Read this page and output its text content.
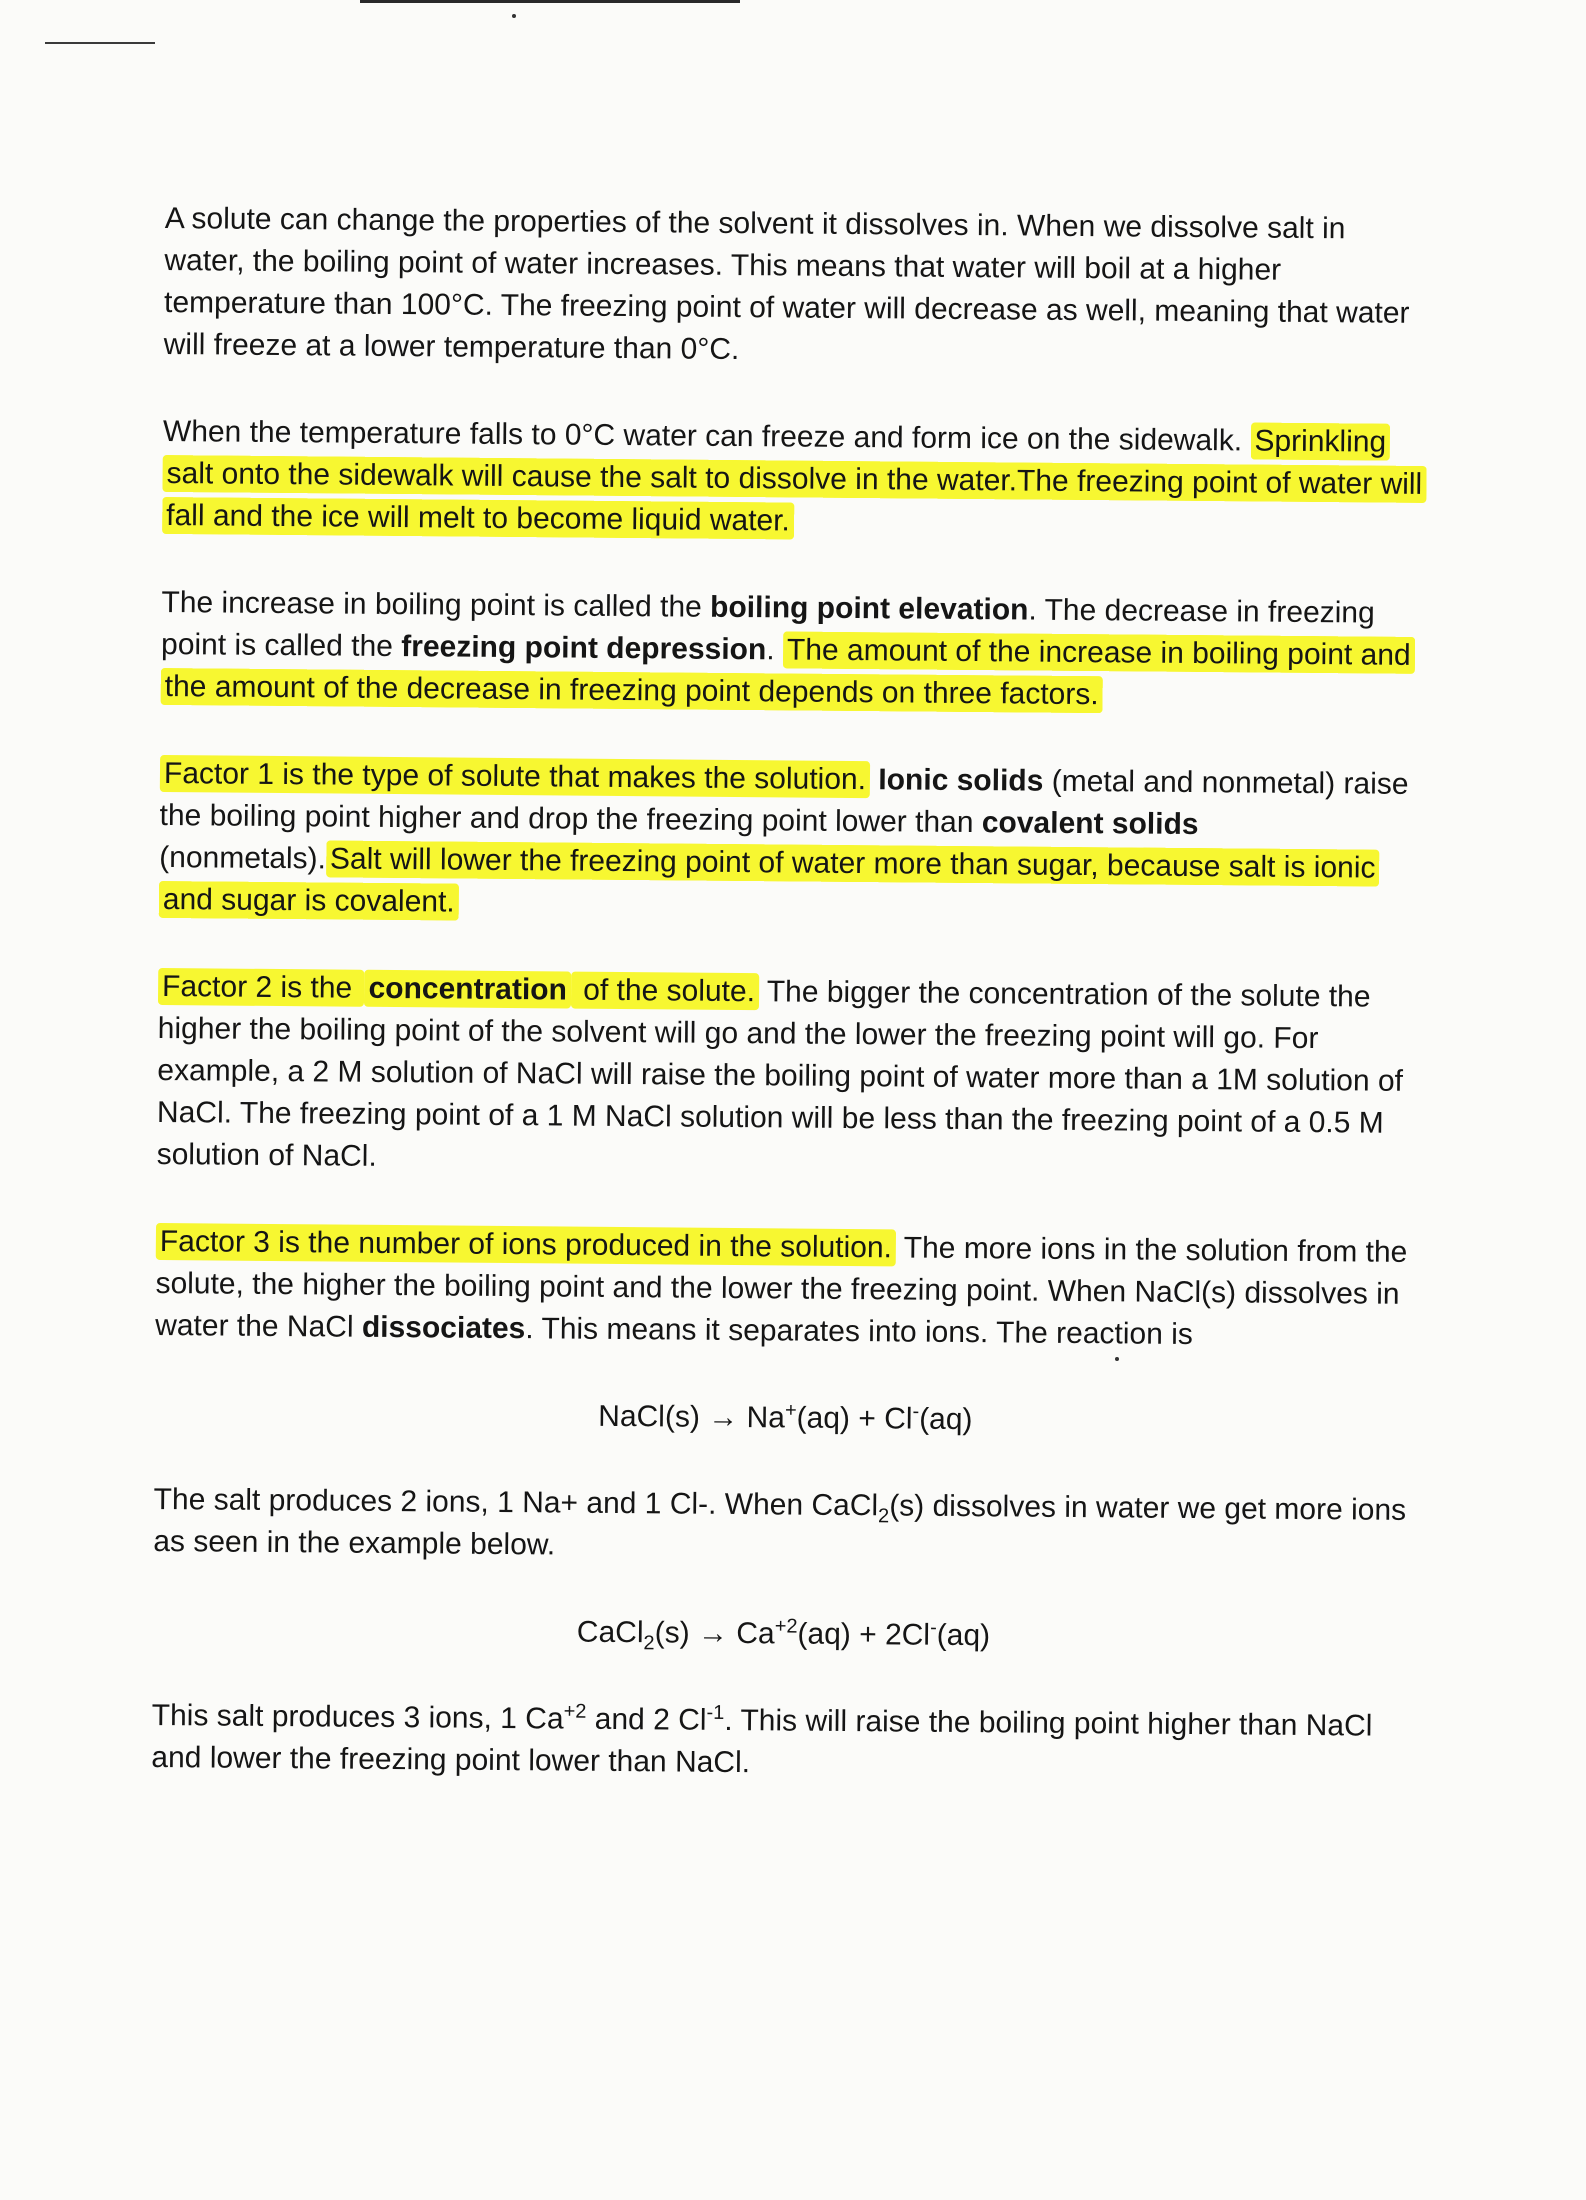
A solute can change the properties of the solvent it dissolves in. When we dissolve salt in water, the boiling point of water increases. This means that water will boil at a higher temperature than 100°C. The freezing point of water will decrease as well, meaning that water will freeze at a lower temperature than 0°C.

When the temperature falls to 0°C water can freeze and form ice on the sidewalk. Sprinkling salt onto the sidewalk will cause the salt to dissolve in the water.The freezing point of water will fall and the ice will melt to become liquid water.

The increase in boiling point is called the boiling point elevation. The decrease in freezing point is called the freezing point depression. The amount of the increase in boiling point and the amount of the decrease in freezing point depends on three factors.

Factor 1 is the type of solute that makes the solution. Ionic solids (metal and nonmetal) raise the boiling point higher and drop the freezing point lower than covalent solids (nonmetals). Salt will lower the freezing point of water more than sugar, because salt is ionic and sugar is covalent.

Factor 2 is the concentration of the solute. The bigger the concentration of the solute the higher the boiling point of the solvent will go and the lower the freezing point will go. For example, a 2 M solution of NaCl will raise the boiling point of water more than a 1M solution of NaCl. The freezing point of a 1 M NaCl solution will be less than the freezing point of a 0.5 M solution of NaCl.

Factor 3 is the number of ions produced in the solution. The more ions in the solution from the solute, the higher the boiling point and the lower the freezing point. When NaCl(s) dissolves in water the NaCl dissociates. This means it separates into ions. The reaction is

NaCl(s) → Na+(aq) + Cl-(aq)

The salt produces 2 ions, 1 Na+ and 1 Cl-. When CaCl$_2$(s) dissolves in water we get more ions as seen in the example below.

CaCl$_2$(s) → $Ca^{+2}(aq) + 2Cl^-(aq)$

This salt produces 3 ions, 1 $Ca^{+2}$ and 2 $Cl^{-1}$. This will raise the boiling point higher than NaCl and lower the freezing point lower than NaCl.
